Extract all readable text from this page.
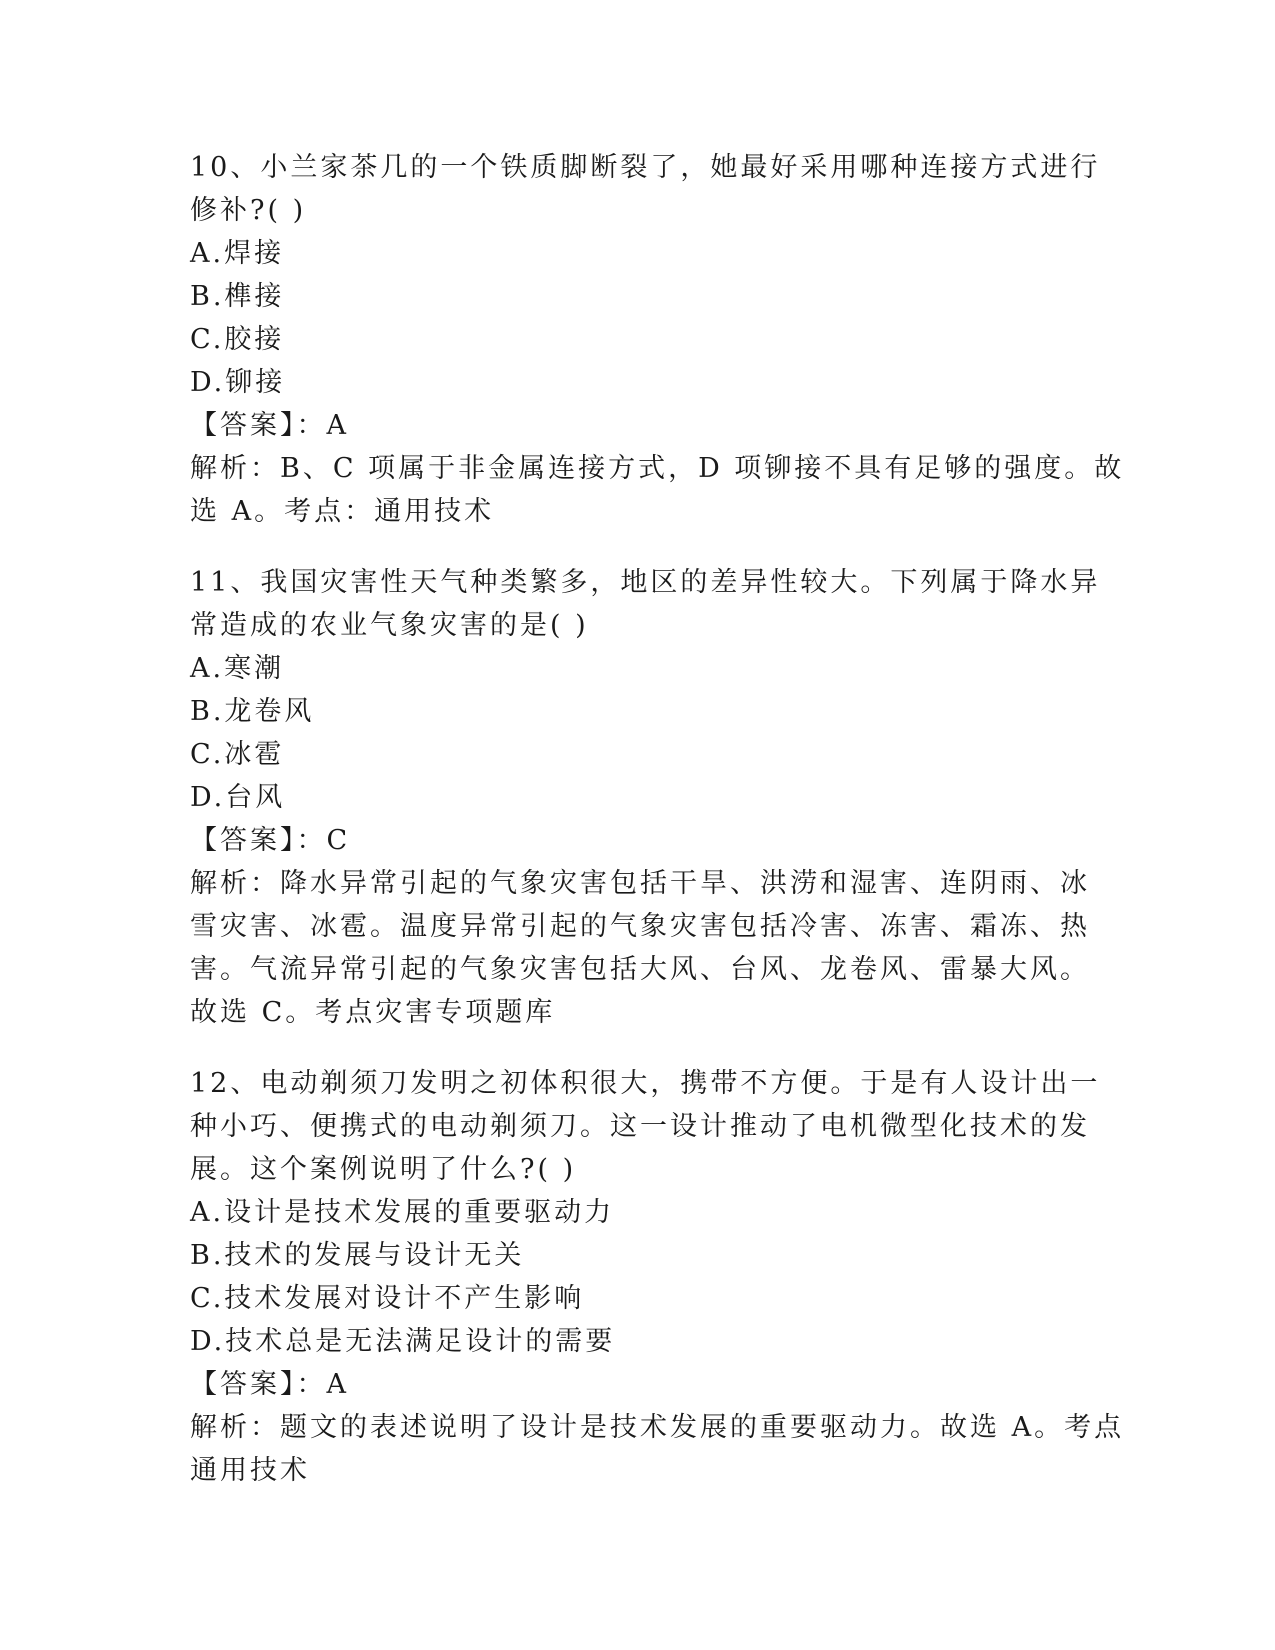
10、小兰家茶几的一个铁质脚断裂了，她最好采用哪种连接方式进行
修补?( )
A.焊接
B.榫接
C.胶接
D.铆接
【答案】：A
解析：B、C 项属于非金属连接方式，D 项铆接不具有足够的强度。故
选 A。考点：通用技术
11、我国灾害性天气种类繁多，地区的差异性较大。下列属于降水异
常造成的农业气象灾害的是( )
A.寒潮
B.龙卷风
C.冰雹
D.台风
【答案】：C
解析：降水异常引起的气象灾害包括干旱、洪涝和湿害、连阴雨、冰
雪灾害、冰雹。温度异常引起的气象灾害包括冷害、冻害、霜冻、热
害。气流异常引起的气象灾害包括大风、台风、龙卷风、雷暴大风。
故选 C。考点灾害专项题库
12、电动剃须刀发明之初体积很大，携带不方便。于是有人设计出一
种小巧、便携式的电动剃须刀。这一设计推动了电机微型化技术的发
展。这个案例说明了什么?( )
A.设计是技术发展的重要驱动力
B.技术的发展与设计无关
C.技术发展对设计不产生影响
D.技术总是无法满足设计的需要
【答案】：A
解析：题文的表述说明了设计是技术发展的重要驱动力。故选 A。考点
通用技术
